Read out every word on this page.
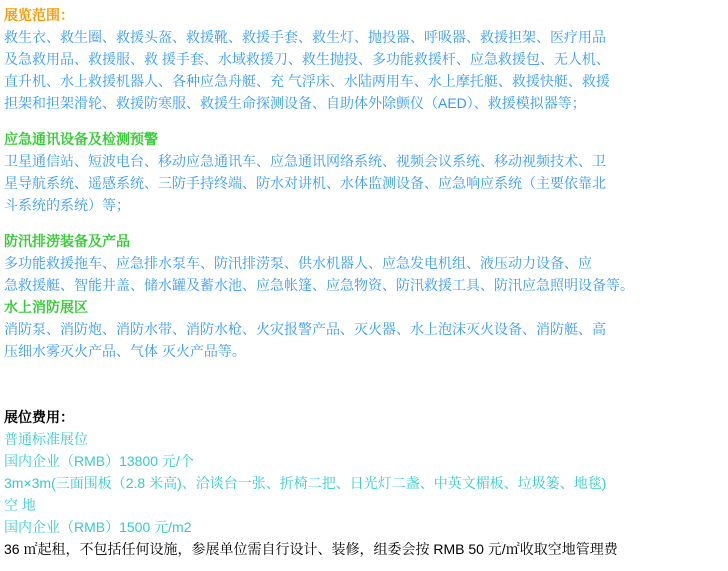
展览范围：
救生衣、救生圈、救援头盔、救援靴、救援手套、救生灯、抛投器、呼吸器、救援担架、医疗用品
及急救用品、救援服、救 援手套、水域救援刀、救生抛投、多功能救援杆、应急救援包、无人机、
直升机、水上救援机器人、各种应急舟艇、充 气浮床、水陆两用车、水上摩托艇、救援快艇、救援
担架和担架滑轮、救援防寒服、救援生命探测设备、自助体外除颤仪（AED）、救援模拟器等；
应急通讯设备及检测预警
卫星通信站、短波电台、移动应急通讯车、应急通讯网络系统、视频会议系统、移动视频技术、卫
星导航系统、遥感系统、三防手持终端、防水对讲机、水体监测设备、应急响应系统（主要依靠北
斗系统的系统）等；
防汛排涝装备及产品
多功能救援拖车、应急排水泵车、防汛排涝泵、供水机器人、应急发电机组、液压动力设备、应
急救援艇、智能井盖、储水罐及蓄水池、应急帐篷、应急物资、防汛救援工具、防汛应急照明设备等。
水上消防展区
消防泵、消防炮、消防水带、消防水枪、火灾报警产品、灭火器、水上泡沫灭火设备、消防艇、高
压细水雾灭火产品、气体 灭火产品等。
展位费用：
普通标准展位
国内企业（RMB）13800 元/个
3m×3m(三面围板（2.8 米高)、洽谈台一张、折椅二把、日光灯二盏、中英文楣板、垃圾篓、地毯)
空 地
国内企业（RMB）1500 元/m2
36 ㎡起租，不包括任何设施，参展单位需自行设计、装修，组委会按 RMB 50 元/㎡收取空地管理费
